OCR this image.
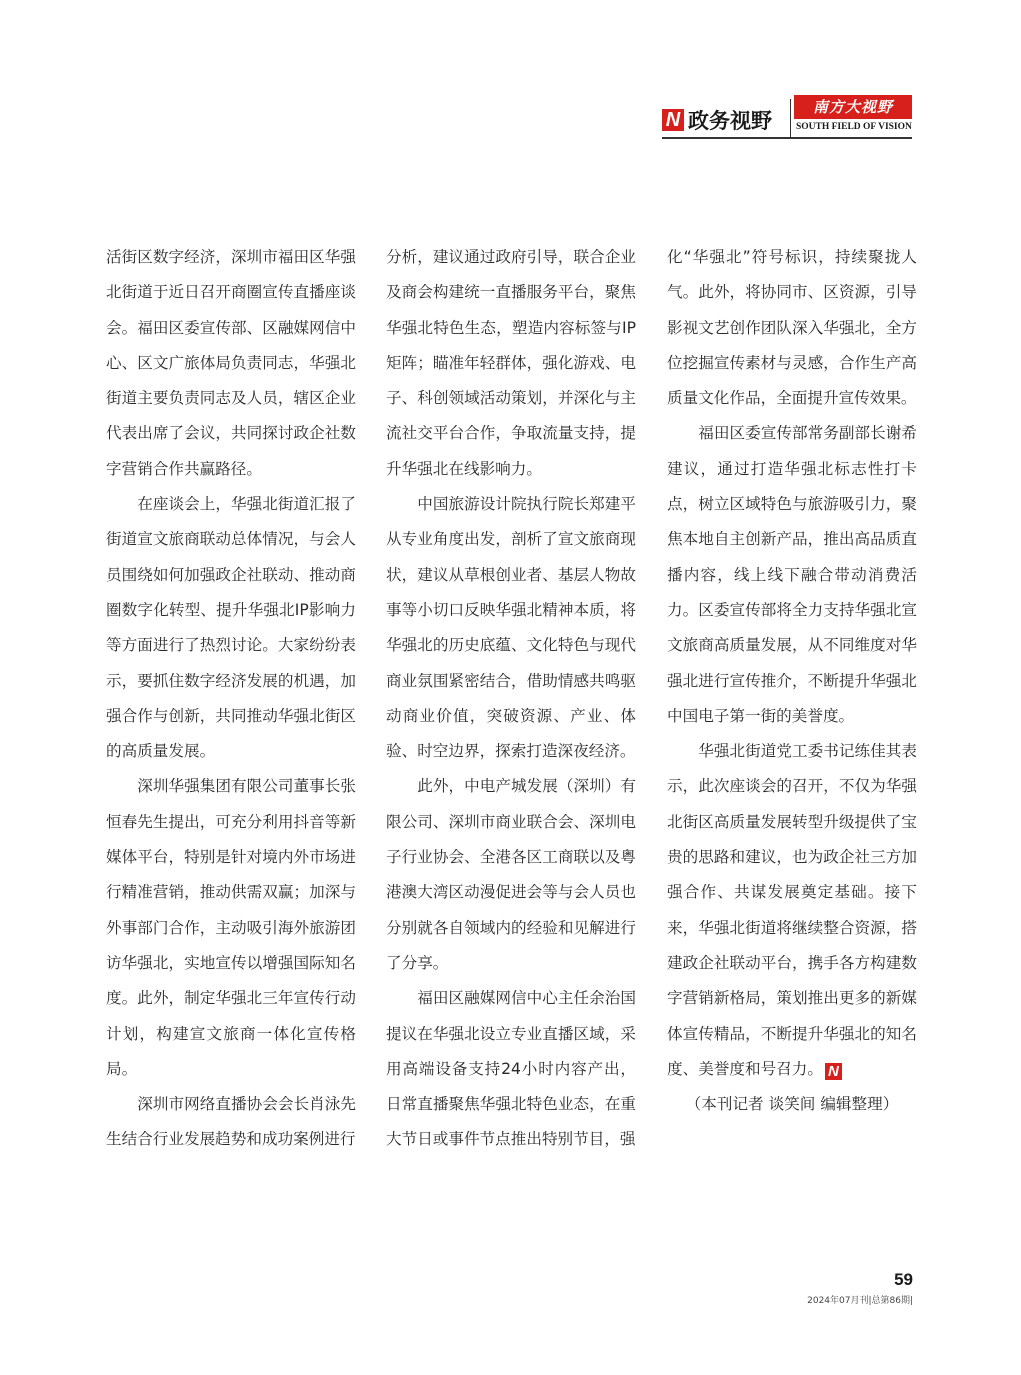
N 政务视野
南方大视野
SOUTH FIELD OF VISION

活街区数字经济，深圳市福田区华强北街道于近日召开商圈宣传直播座谈会。福田区委宣传部、区融媒网信中心、区文广旅体局负责同志，华强北街道主要负责同志及人员，辖区企业代表出席了会议，共同探讨政企社数字营销合作共赢路径。

在座谈会上，华强北街道汇报了街道宣文旅商联动总体情况，与会人员围绕如何加强政企社联动、推动商圈数字化转型、提升华强北IP影响力等方面进行了热烈讨论。大家纷纷表示，要抓住数字经济发展的机遇，加强合作与创新，共同推动华强北街区的高质量发展。

深圳华强集团有限公司董事长张恒春先生提出，可充分利用抖音等新媒体平台，特别是针对境内外市场进行精准营销，推动供需双赢；加深与外事部门合作，主动吸引海外旅游团访华强北，实地宣传以增强国际知名度。此外，制定华强北三年宣传行动计划，构建宣文旅商一体化宣传格局。

深圳市网络直播协会会长肖泳先生结合行业发展趋势和成功案例进行

分析，建议通过政府引导，联合企业及商会构建统一直播服务平台，聚焦华强北特色生态，塑造内容标签与IP矩阵；瞄准年轻群体，强化游戏、电子、科创领域活动策划，并深化与主流社交平台合作，争取流量支持，提升华强北在线影响力。

中国旅游设计院执行院长郑建平从专业角度出发，剖析了宣文旅商现状，建议从草根创业者、基层人物故事等小切口反映华强北精神本质，将华强北的历史底蕴、文化特色与现代商业氛围紧密结合，借助情感共鸣驱动商业价值，突破资源、产业、体验、时空边界，探索打造深夜经济。

此外，中电产城发展（深圳）有限公司、深圳市商业联合会、深圳电子行业协会、全港各区工商联以及粤港澳大湾区动漫促进会等与会人员也分别就各自领域内的经验和见解进行了分享。

福田区融媒网信中心主任余治国提议在华强北设立专业直播区域，采用高端设备支持24小时内容产出，日常直播聚焦华强北特色业态，在重大节日或事件节点推出特别节目，强

化“华强北”符号标识，持续聚拢人气。此外，将协同市、区资源，引导影视文艺创作团队深入华强北，全方位挖掘宣传素材与灵感，合作生产高质量文化作品，全面提升宣传效果。

福田区委宣传部常务副部长谢希建议，通过打造华强北标志性打卡点，树立区域特色与旅游吸引力，聚焦本地自主创新产品，推出高品质直播内容，线上线下融合带动消费活力。区委宣传部将全力支持华强北宣文旅商高质量发展，从不同维度对华强北进行宣传推介，不断提升华强北中国电子第一街的美誉度。

华强北街道党工委书记练佳其表示，此次座谈会的召开，不仅为华强北街区高质量发展转型升级提供了宝贵的思路和建议，也为政企社三方加强合作、共谋发展奠定基础。接下来，华强北街道将继续整合资源，搭建政企社联动平台，携手各方构建数字营销新格局，策划推出更多的新媒体宣传精品，不断提升华强北的知名度、美誉度和号召力。 N

（本刊记者 谈笑间 编辑整理）

59
2024年07月刊|总第86期|
